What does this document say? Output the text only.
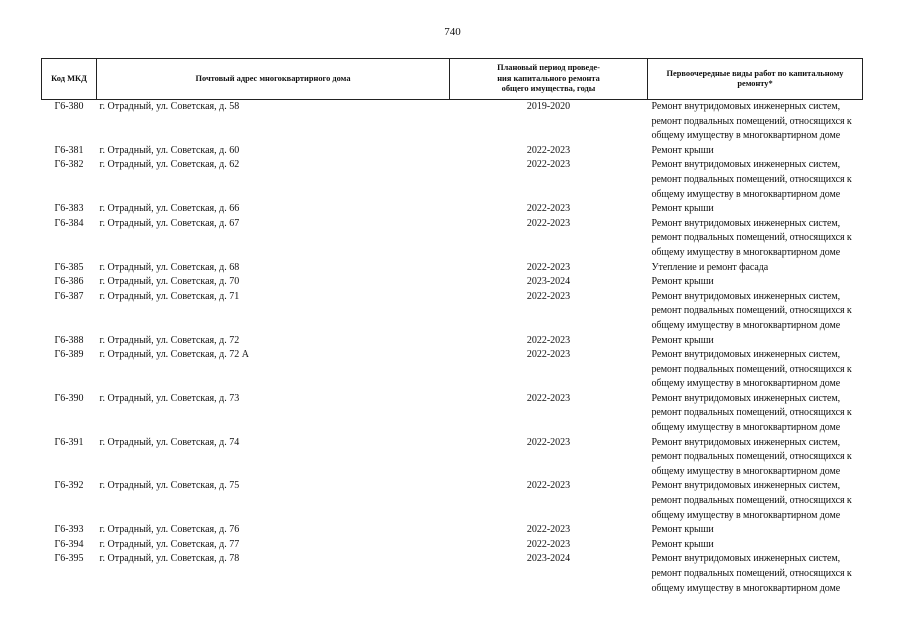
740
Код МКД	Почтовый адрес многоквартирного дома	Плановый период проведе-
ния капитального ремонта
общего имущества, годы	Первоочередные виды работ по капитальному
ремонту*
Г6-380	г. Отрадный, ул. Советская, д. 58	2019-2020	Ремонт внутридомовых инженерных систем,
ремонт подвальных помещений, относящихся к
общему имуществу в многоквартирном доме
Г6-381	г. Отрадный, ул. Советская, д. 60	2022-2023	Ремонт крыши
Г6-382	г. Отрадный, ул. Советская, д. 62	2022-2023	Ремонт внутридомовых инженерных систем,
ремонт подвальных помещений, относящихся к
общему имуществу в многоквартирном доме
Г6-383	г. Отрадный, ул. Советская, д. 66	2022-2023	Ремонт крыши
Г6-384	г. Отрадный, ул. Советская, д. 67	2022-2023	Ремонт внутридомовых инженерных систем,
ремонт подвальных помещений, относящихся к
общему имуществу в многоквартирном доме
Г6-385	г. Отрадный, ул. Советская, д. 68	2022-2023	Утепление и ремонт фасада
Г6-386	г. Отрадный, ул. Советская, д. 70	2023-2024	Ремонт крыши
Г6-387	г. Отрадный, ул. Советская, д. 71	2022-2023	Ремонт внутридомовых инженерных систем,
ремонт подвальных помещений, относящихся к
общему имуществу в многоквартирном доме
Г6-388	г. Отрадный, ул. Советская, д. 72	2022-2023	Ремонт крыши
Г6-389	г. Отрадный, ул. Советская, д. 72 А	2022-2023	Ремонт внутридомовых инженерных систем,
ремонт подвальных помещений, относящихся к
общему имуществу в многоквартирном доме
Г6-390	г. Отрадный, ул. Советская, д. 73	2022-2023	Ремонт внутридомовых инженерных систем,
ремонт подвальных помещений, относящихся к
общему имуществу в многоквартирном доме
Г6-391	г. Отрадный, ул. Советская, д. 74	2022-2023	Ремонт внутридомовых инженерных систем,
ремонт подвальных помещений, относящихся к
общему имуществу в многоквартирном доме
Г6-392	г. Отрадный, ул. Советская, д. 75	2022-2023	Ремонт внутридомовых инженерных систем,
ремонт подвальных помещений, относящихся к
общему имуществу в многоквартирном доме
Г6-393	г. Отрадный, ул. Советская, д. 76	2022-2023	Ремонт крыши
Г6-394	г. Отрадный, ул. Советская, д. 77	2022-2023	Ремонт крыши
Г6-395	г. Отрадный, ул. Советская, д. 78	2023-2024	Ремонт внутридомовых инженерных систем,
ремонт подвальных помещений, относящихся к
общему имуществу в многоквартирном доме
